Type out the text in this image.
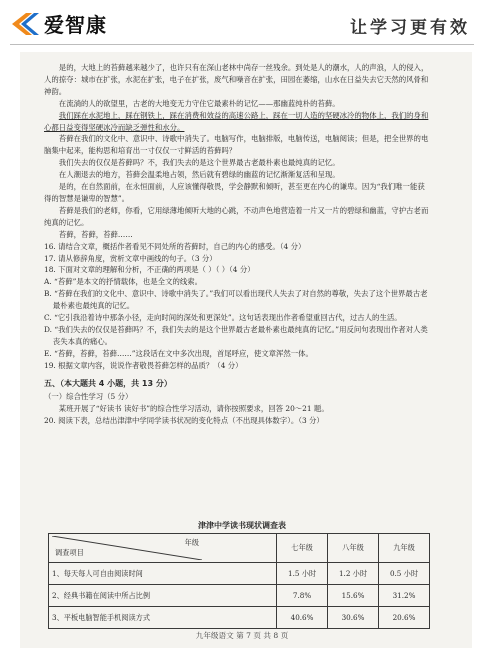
爱智康	让学习更有效

是的，大地上的苔藓越来越少了，也许只有在深山老林中尚存一丝残余。到处是人的潮水，人的声浪，人的侵入，人的掠夺：城市在扩张，水泥在扩张，电子在扩张，废气和噪音在扩张，田园在萎缩，山水在日益失去它天然的风骨和神韵。

在流淌的人的欲望里，古老的大地变无力守住它最素朴的记忆——那幽蓝纯朴的苔藓。

我们踩在水泥地上，踩在钢铁上，踩在消费和效益的高速公路上，踩在一切人造的坚硬冰冷的物体上，我们的身和心都日益变得坚硬冰冷而缺乏弹性和水分。

苔藓在我们的文化中、意识中、诗歌中消失了。电脑写作，电脑排版，电脑传送，电脑阅读；但是，把全世界的电脑集中起来，能构思和培育出一寸仅仅一寸鲜活的苔藓吗？

我们失去的仅仅是苔藓吗？不，我们失去的是这个世界最古老最朴素也最纯真的记忆。

在人潮退去的地方，苔藓会温柔地占领，然后就有碧绿的幽蓝的记忆渐渐复活和呈现。

是的，在自然面前，在永恒面前，人应该懂得敬畏，学会静默和倾听，甚至更在内心的谦卑。因为“我们唯一能获得的智慧是谦卑的智慧”。

苔藓是我们的老师，你看，它用绿薄地倾听大地的心跳，不动声色地营造着一片又一片的碧绿和幽蓝，守护古老而纯真的记忆。

苔藓，苔藓，苔藓……

16. 请结合文章，概括作者看见不同处所的苔藓时，自己的内心的感受。（4 分）

17. 请从修辞角度，赏析文章中画线的句子。（3 分）

18. 下面对文章的理解和分析，不正确的两项是（ ）（ ）（4 分）

A. “苔藓”是本文的抒情载体，也是全文的线索。

B. “苔藓在我们的文化中、意识中、诗歌中消失了。”我们可以看出现代人失去了对自然的尊敬，失去了这个世界最古老最朴素也最纯真的记忆。

C. “它引我沿着诗中那条小径，走向时间的深处和更深处”。这句话表现出作者希望重回古代，过古人的生活。

D. “我们失去的仅仅是苔藓吗？不，我们失去的是这个世界最古老最朴素也最纯真的记忆。”用反问句表现出作者对人类丧失本真的痛心。

E. “苔藓，苔藓，苔藓……”这段话在文中多次出现，首尾呼应，使文章浑然一体。

19. 根据文章内容，说说作者敬畏苔藓怎样的品质？（4 分）

五、（本大题共 4 小题，共 13 分）
（一）综合性学习（5 分）

某班开展了“好读书 读好书”的综合性学习活动，请你按照要求，回答 20～21 题。

20. 阅读下表，总结出津津中学同学读书状况的变化特点（不出现具体数字）。（3 分）

津津中学读书现状调查表
年级
调查项目	七年级	八年级	九年级
1、每天每人可自由阅读时间	1.5 小时	1.2 小时	0.5 小时
2、经典书籍在阅读中所占比例	7.8%	15.6%	31.2%
3、平板电脑智能手机阅读方式	40.6%	30.6%	20.6%
九年级语文 第 7 页 共 8 页
